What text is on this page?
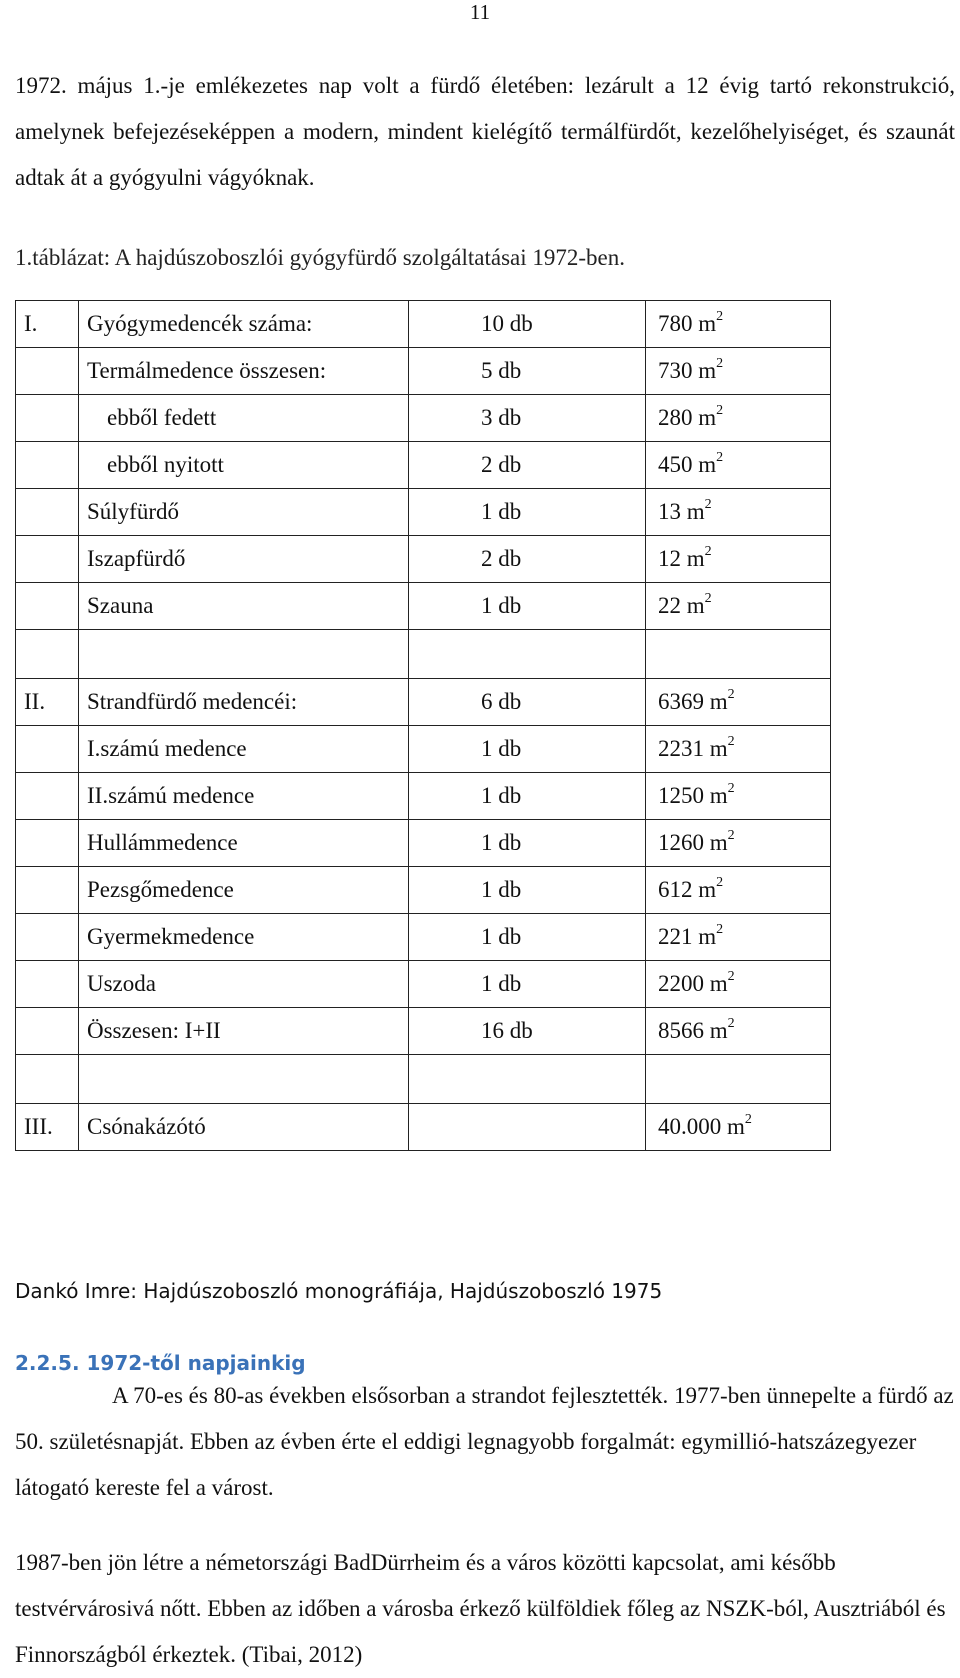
11

1972. május 1.-je emlékezetes nap volt a fürdő életében: lezárult a 12 évig tartó rekonstrukció, amelynek befejezéseképpen a modern, mindent kielégítő termálfürdőt, kezelőhelyiséget, és szaunát adtak át a gyógyulni vágyóknak.

1.táblázat: A hajdúszoboszlói gyógyfürdő szolgáltatásai 1972-ben.
I.	Gyógymedencék száma:	10 db	780 $m^2$
	Termálmedence összesen:	5 db	730 $m^2$
	ebből fedett	3 db	280 $m^2$
	ebből nyitott	2 db	450 $m^2$
	Súlyfürdő	1 db	13 $m^2$
	Iszapfürdő	2 db	12 $m^2$
	Szauna	1 db	22 $m^2$

II.	Strandfürdő medencéi:	6 db	6369 $m^2$
	I.számú medence	1 db	2231 $m^2$
	II.számú medence	1 db	1250 $m^2$
	Hullámmedence	1 db	1260 $m^2$
	Pezsgőmedence	1 db	612 $m^2$
	Gyermekmedence	1 db	221 $m^2$
	Uszoda	1 db	2200 $m^2$
	Összesen: I+II	16 db	8566 $m^2$

III.	Csónakázótó		40.000 $m^2$
Dankó Imre: Hajdúszoboszló monográfiája, Hajdúszoboszló 1975
2.2.5. 1972-től napjainkig

A 70-es és 80-as években elsősorban a strandot fejlesztették. 1977-ben ünnepelte a fürdő az 50. születésnapját. Ebben az évben érte el eddigi legnagyobb forgalmát: egymillió-hatszázegyezer látogató kereste fel a várost.

1987-ben jön létre a németországi BadDürrheim és a város közötti kapcsolat, ami később testvérvárosivá nőtt. Ebben az időben a városba érkező külföldiek főleg az NSZK-ból, Ausztriából és Finnországból érkeztek. (Tibai, 2012)
